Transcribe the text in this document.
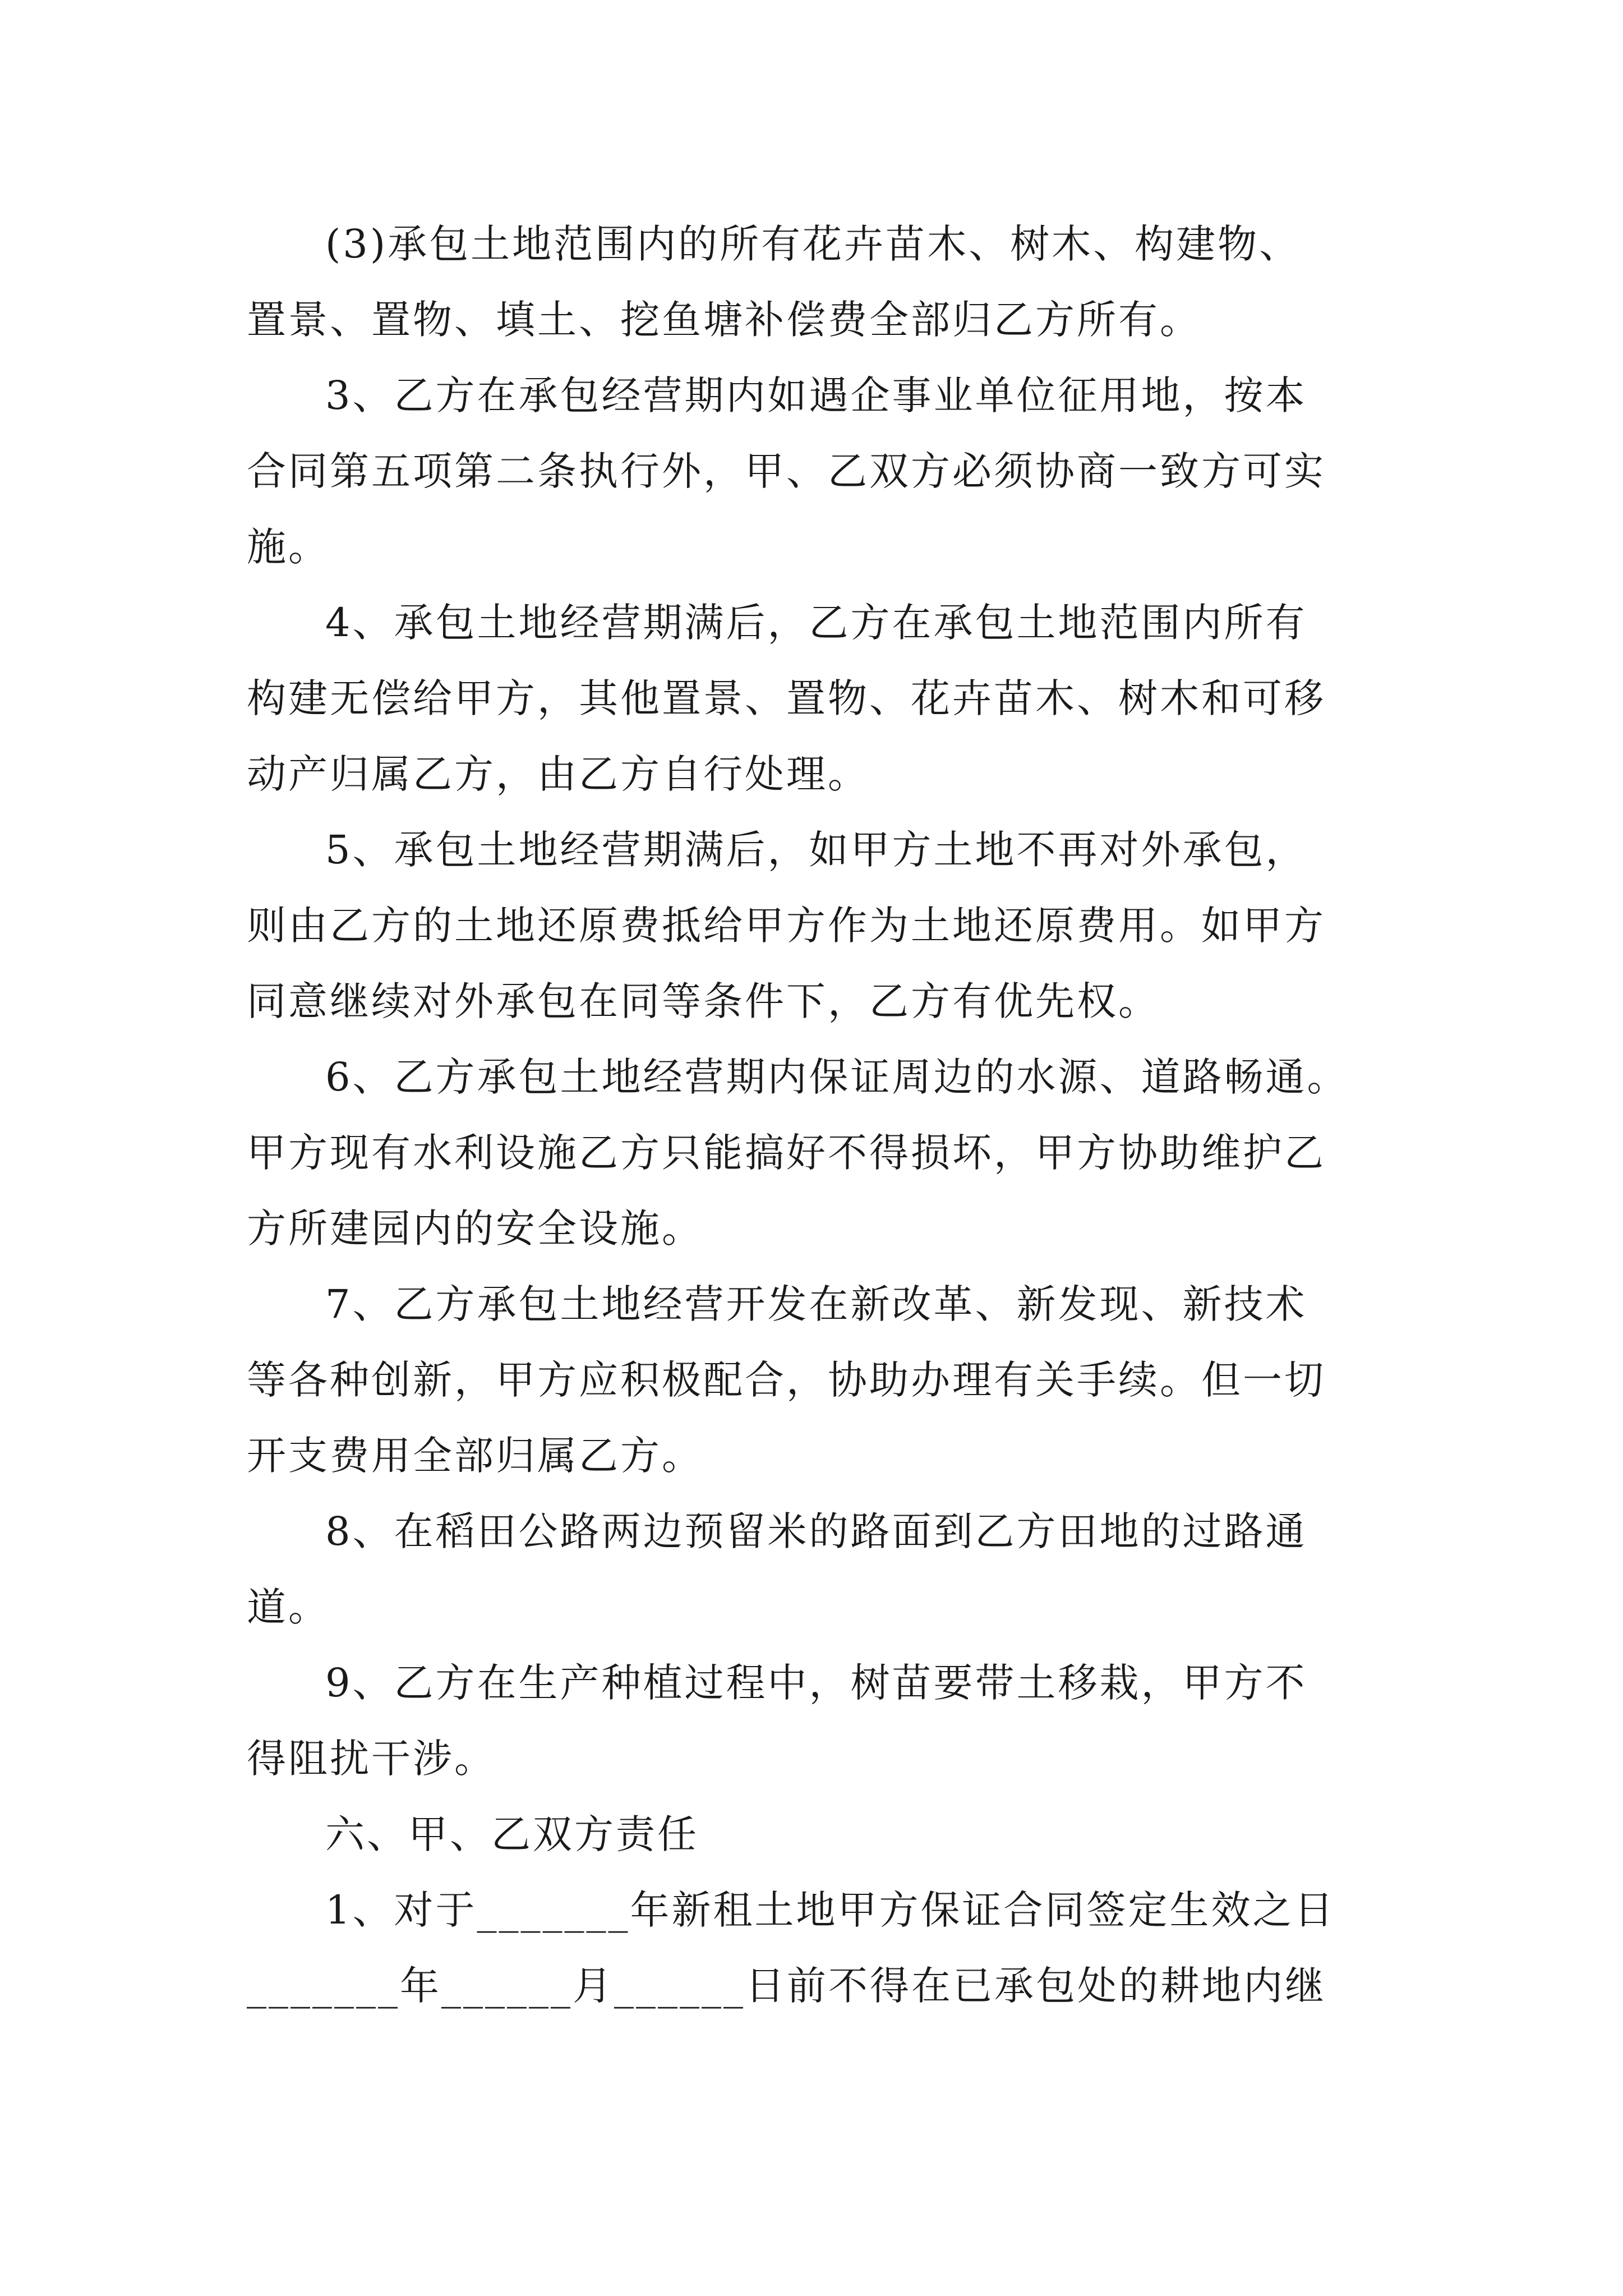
(3)承包土地范围内的所有花卉苗木、树木、构建物、
置景、置物、填土、挖鱼塘补偿费全部归乙方所有。
3、乙方在承包经营期内如遇企事业单位征用地，按本
合同第五项第二条执行外，甲、乙双方必须协商一致方可实
施。
4、承包土地经营期满后，乙方在承包土地范围内所有
构建无偿给甲方，其他置景、置物、花卉苗木、树木和可移
动产归属乙方，由乙方自行处理。
5、承包土地经营期满后，如甲方土地不再对外承包，
则由乙方的土地还原费抵给甲方作为土地还原费用。如甲方
同意继续对外承包在同等条件下，乙方有优先权。
6、乙方承包土地经营期内保证周边的水源、道路畅通。
甲方现有水利设施乙方只能搞好不得损坏，甲方协助维护乙
方所建园内的安全设施。
7、乙方承包土地经营开发在新改革、新发现、新技术
等各种创新，甲方应积极配合，协助办理有关手续。但一切
开支费用全部归属乙方。
8、在稻田公路两边预留米的路面到乙方田地的过路通
道。
9、乙方在生产种植过程中，树苗要带土移栽，甲方不
得阻扰干涉。
六、甲、乙双方责任
1、对于_______年新租土地甲方保证合同签定生效之日
_______年______月______日前不得在已承包处的耕地内继
